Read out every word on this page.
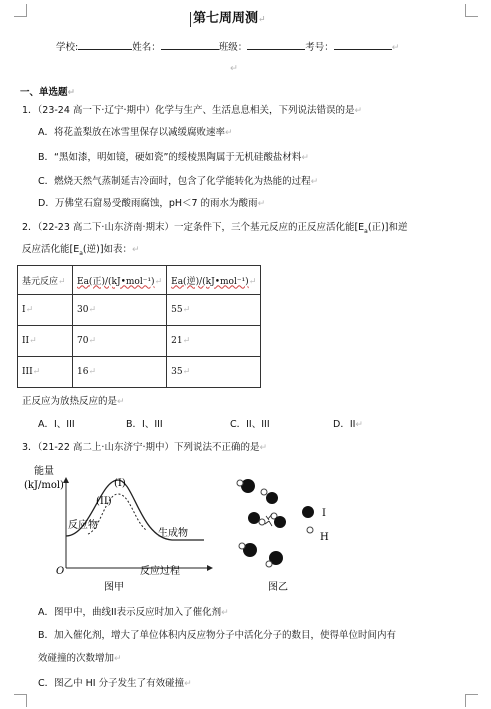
第七周周测↵
学校:	姓名：	班级：	考号：	↵
↵
一、单选题↵
1．（23-24 高一下·辽宁·期中）化学与生产、生活息息相关，下列说法错误的是↵
A．将花盖梨放在冰雪里保存以减缓腐败速率↵
B．“黑如漆，明如镜，硬如瓷”的绥棱黑陶属于无机硅酸盐材料↵
C．燃烧天然气蒸制延吉冷面时，包含了化学能转化为热能的过程↵
D．万佛堂石窟易受酸雨腐蚀，pH＜7 的雨水为酸雨↵
2．（22-23 高二下·山东济南·期末）一定条件下，三个基元反应的正反应活化能[$E_a$(正)]和逆
反应活化能[$E_a$(逆)]如表：↵
基元反应↵	Ea(正)/(kJ•mol⁻¹)↵	Ea(逆)/(kJ•mol⁻¹)↵
I↵	30↵	55↵
II↵	70↵	21↵
III↵	16↵	35↵
正反应为放热反应的是↵
A．I、III	B．I、III	C．II、III	D．II↵
3．（21-22 高二上·山东济宁·期中）下列说法不正确的是↵
能量
(kJ/mol)	(I)
(II)
反应物
生成物
O	反应过程
图甲
I
H
图乙
A．图甲中，曲线II表示反应时加入了催化剂↵
B．加入催化剂，增大了单位体积内反应物分子中活化分子的数目，使得单位时间内有
效碰撞的次数增加↵
C．图乙中 HI 分子发生了有效碰撞↵
